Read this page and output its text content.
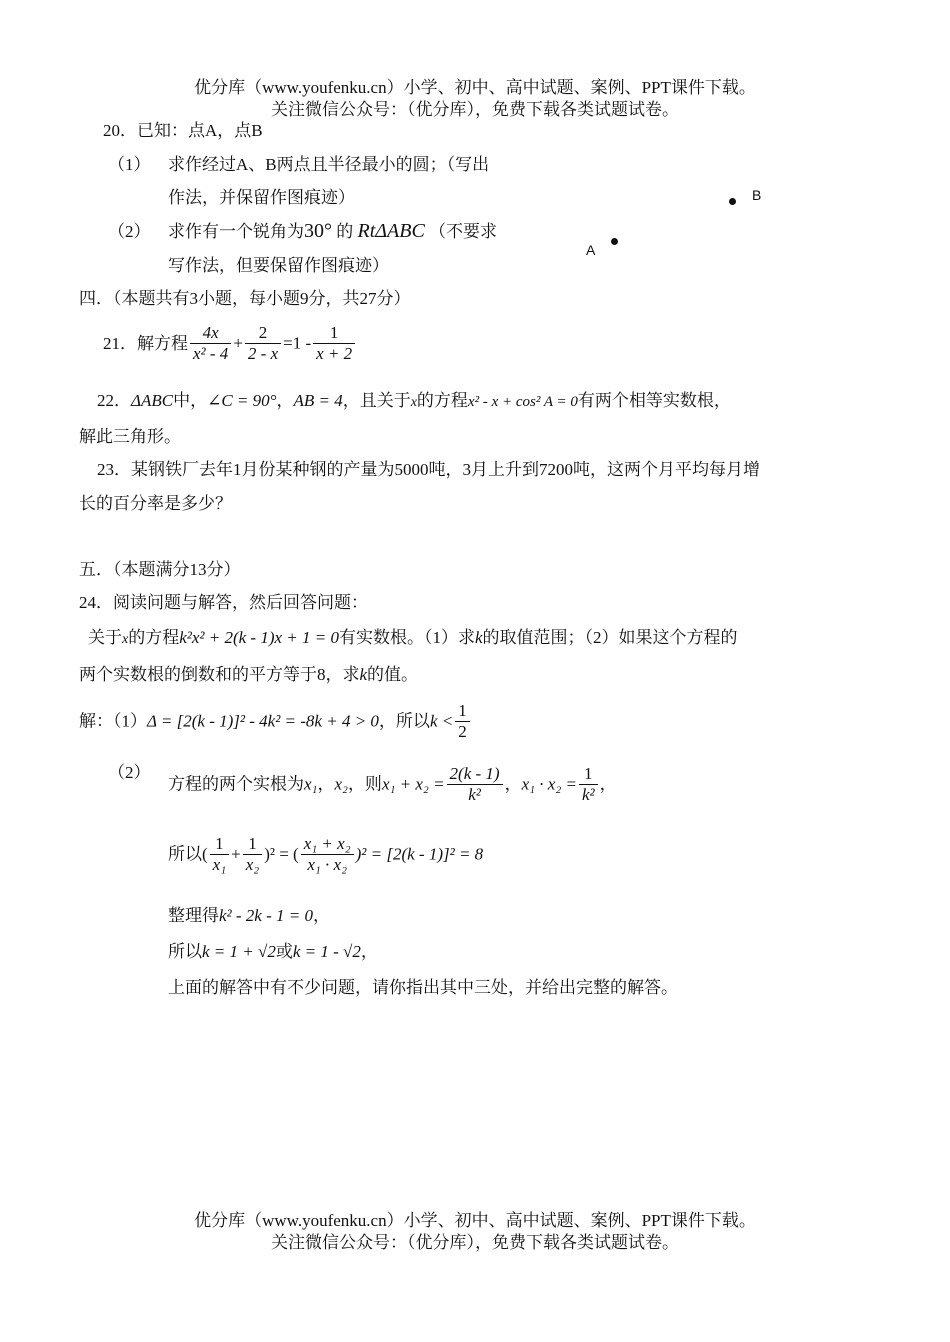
优分库（www.youfenku.cn）小学、初中、高中试题、案例、PPT课件下载。
关注微信公众号：（优分库），免费下载各类试题试卷。
20．已知：点A，点B
（1） 求作经过A、B两点且半径最小的圆；（写出
作法，并保留作图痕迹）
（2） 求作有一个锐角为30° 的 RtΔABC （不要求
写作法，但要保留作图痕迹）
B
A
四．（本题共有3小题，每小题9分，共27分）
21．解方程 $\frac{4x}{\text{x² - 4}} + \frac{2}{2 - x} =1 - \frac{1}{x + 2}$
22．ΔABC中，∠C = 90°，AB = 4，且关于x的方程x² - x + cos² A = 0有两个相等实数根，
解此三角形。
23．某钢铁厂去年1月份某种钢的产量为5000吨，3月上升到7200吨，这两个月平均每月增
长的百分率是多少？
五．（本题满分13分）
24．阅读问题与解答，然后回答问题：
关于x的方程k²x² + 2(k - 1)x + 1 = 0有实数根。（1）求k的取值范围；（2）如果这个方程的
两个实数根的倒数和的平方等于8，求k的值。
解：（1）Δ = [2(k - 1)]² - 4k² = -8k + 4 > 0，所以$k < \frac{1}{2}$
（2）
方程的两个实根为x₁，x₂，则$x_1 + x_2 = \frac{2(k - 1)}{\text{k²}}$ ，$x_1 \cdot x_2 = \frac{1}{\text{k²}}$ ，
所以( $\frac{1}{\text{x₁}} + \frac{1}{\text{x₂}} )^2$ = ( $\frac{\text{x₁ + x₂}}{\text{x₁ · x₂}} )^2 = [2(k - 1)]^2 = 8$
整理得k² - 2k - 1 = 0，
所以k = 1 + √2或k = 1 - √2，
上面的解答中有不少问题，请你指出其中三处，并给出完整的解答。
优分库（www.youfenku.cn）小学、初中、高中试题、案例、PPT课件下载。
关注微信公众号：（优分库），免费下载各类试题试卷。
